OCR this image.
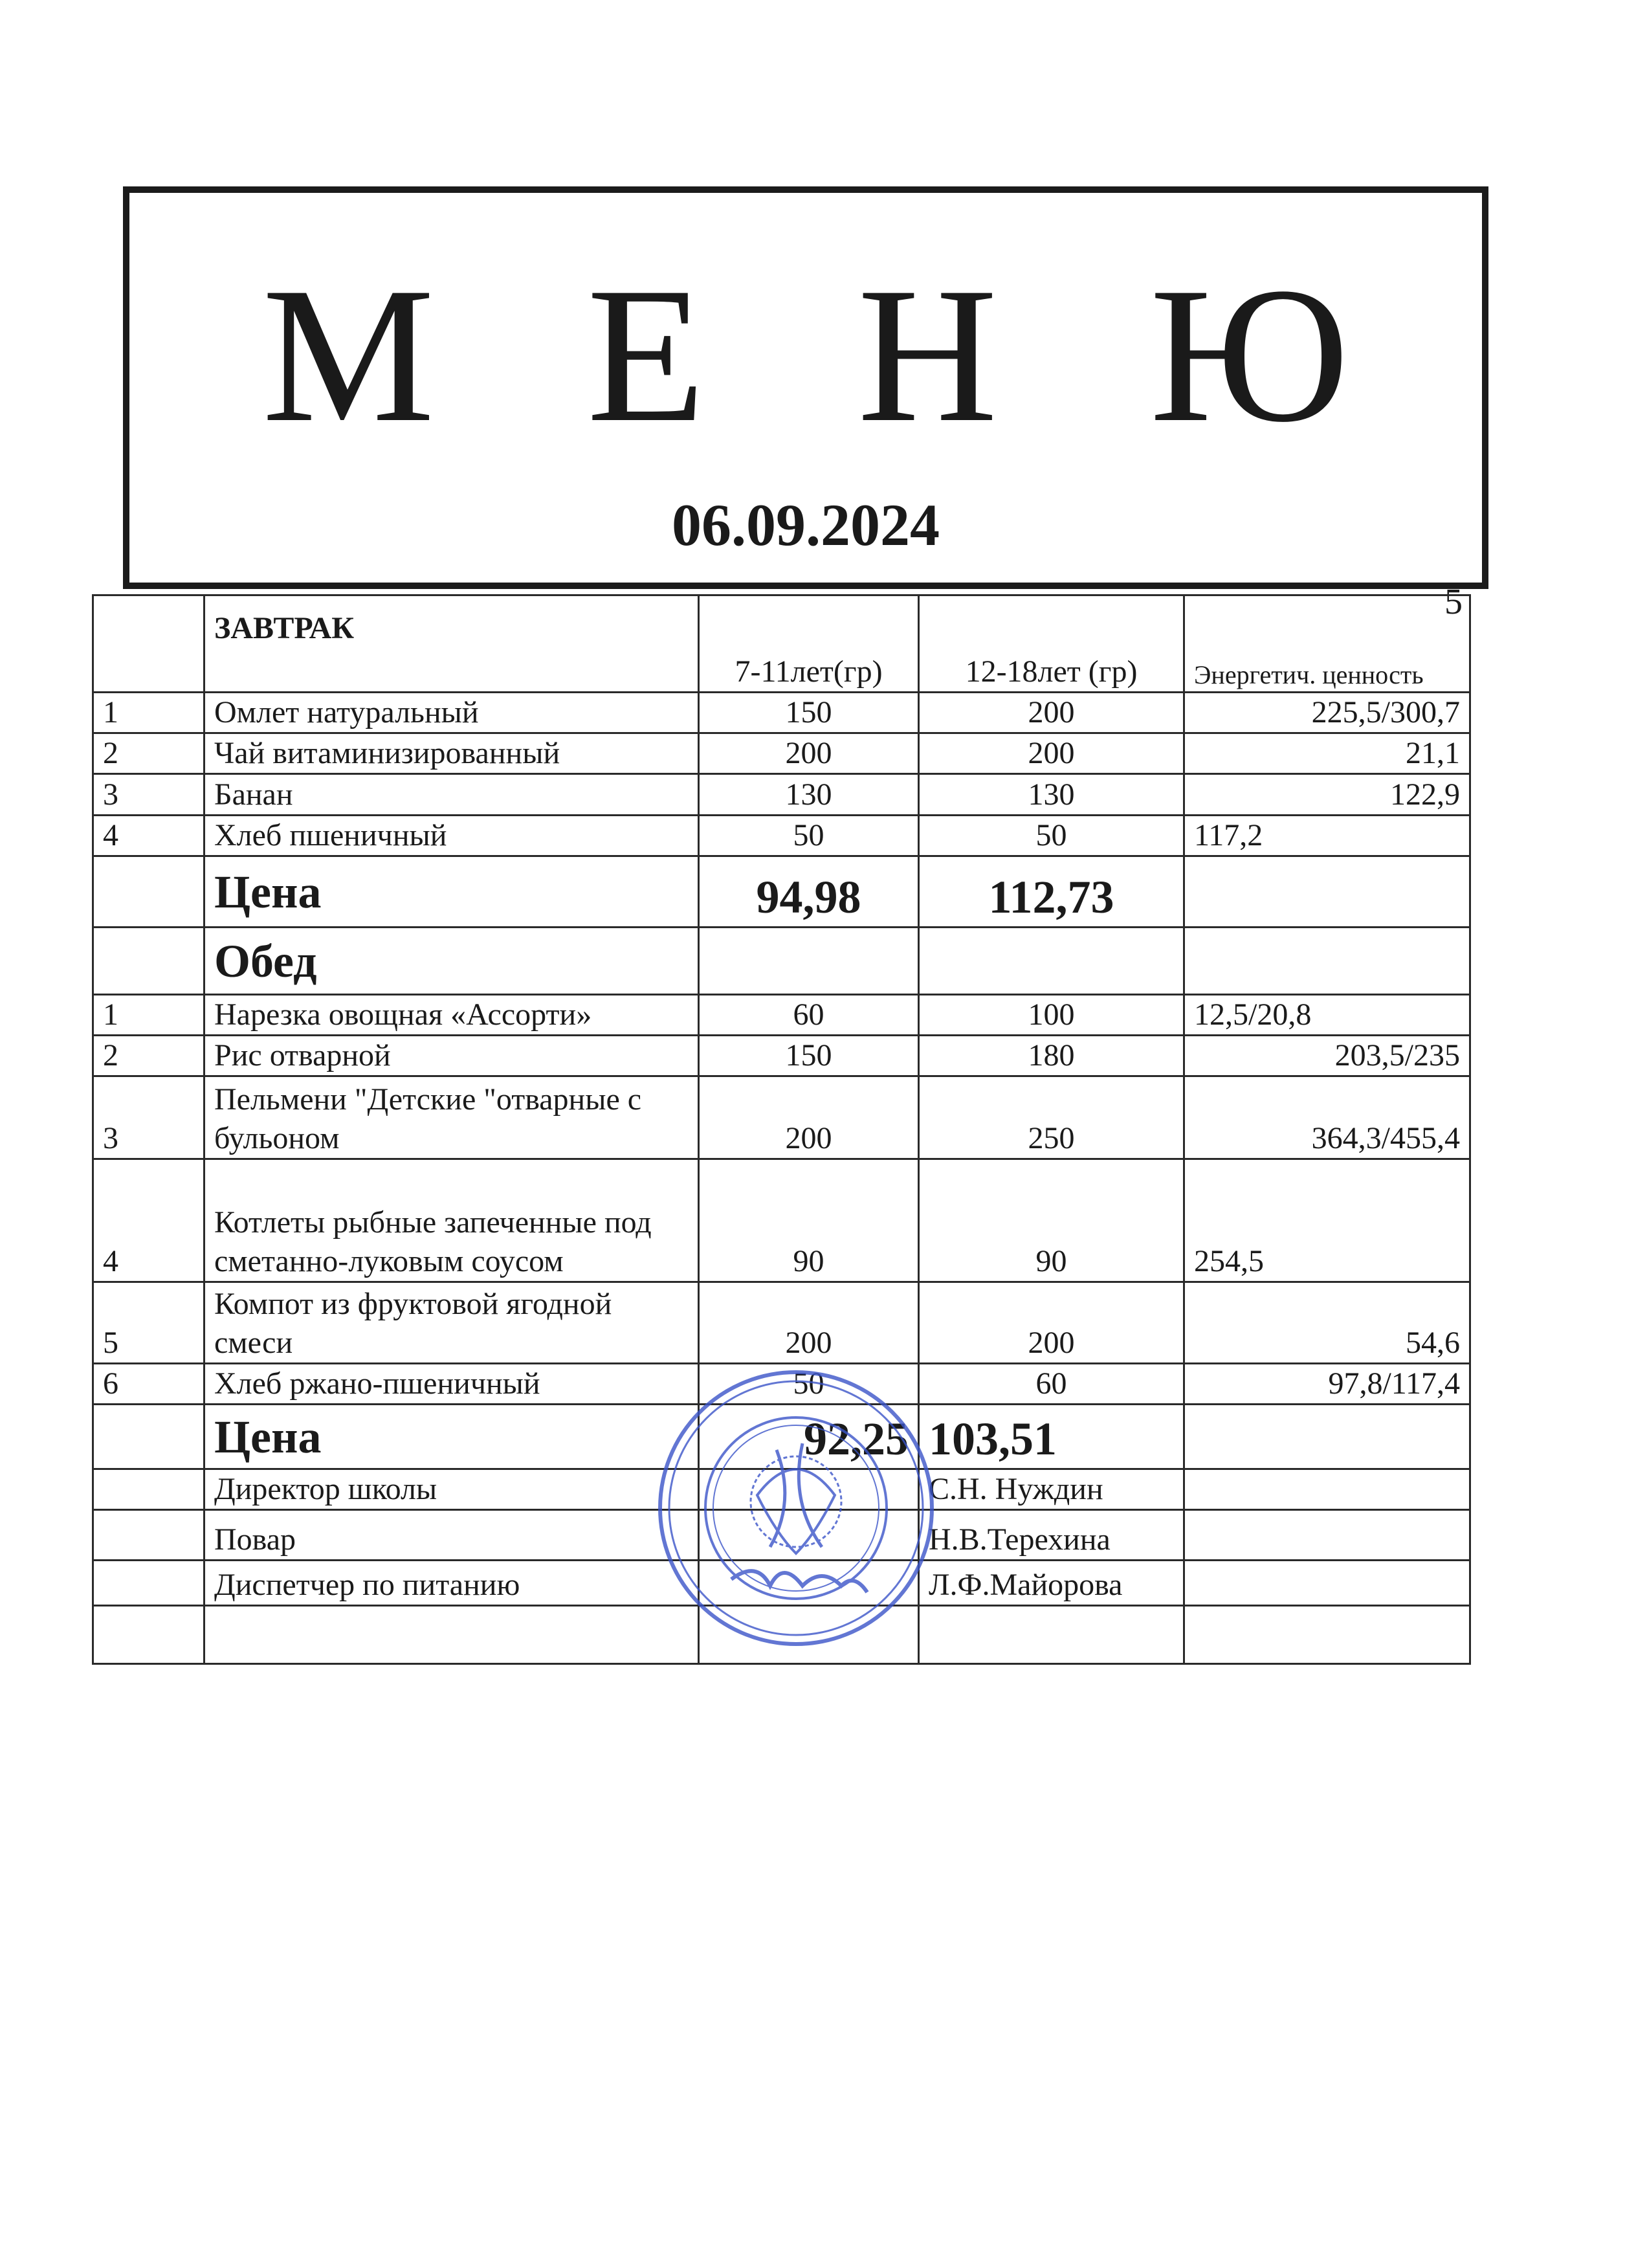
М Е Н Ю
06.09.2024
5
	ЗАВТРАК	7-11лет(гр)	12-18лет (гр)	Энергетич. ценность
1	Омлет натуральный	150	200	225,5/300,7
2	Чай витаминизированный	200	200	21,1
3	Банан	130	130	122,9
4	Хлеб пшеничный	50	50	117,2
	Цена	94,98	112,73	
	Обед			
1	Нарезка овощная «Ассорти»	60	100	12,5/20,8
2	Рис отварной	150	180	203,5/235
3	Пельмени "Детские "отварные с бульоном	200	250	364,3/455,4
4	Котлеты рыбные запеченные под сметанно-луковым соусом	90	90	254,5
5	Компот из фруктовой ягодной смеси	200	200	54,6
6	Хлеб ржано-пшеничный	50	60	97,8/117,4
	Цена	92,25	103,51	
	Директор школы		С.Н. Нуждин	
	Повар		Н.В.Терехина	
	Диспетчер по питанию		Л.Ф.Майорова	
